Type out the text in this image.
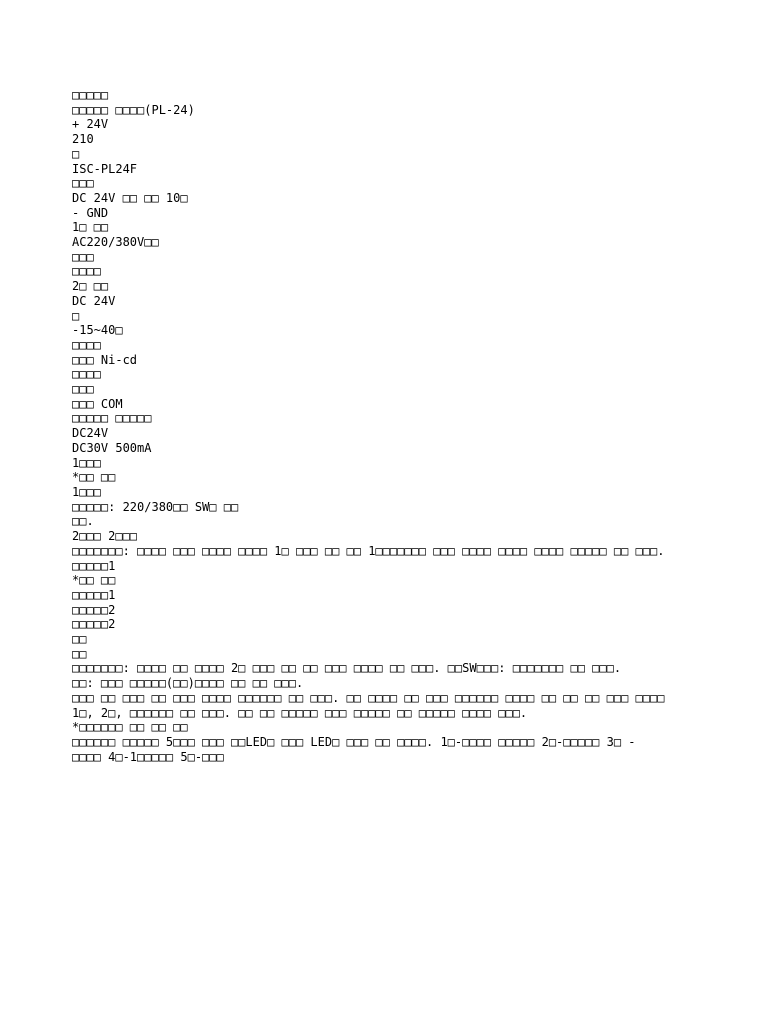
□□□□□
□□□□□ □□□□(PL-24)
+ 24V
210
□
ISC-PL24F
□□□
DC 24V □□ □□ 10□
- GND
1□ □□
AC220/380V□□
□□□
□□□□
2□ □□
DC 24V
□
-15~40□
□□□□
□□□ Ni-cd
□□□□
□□□
□□□ COM
□□□□□ □□□□□
DC24V
DC30V 500mA
1□□□
*□□ □□
1□□□
□□□□□: 220/380□□ SW□ □□
□□.
2□□□ 2□□□
□□□□□□□: □□□□ □□□ □□□□ □□□□ 1□ □□□ □□ □□ 1□□□□□□□ □□□ □□□□ □□□□ □□□□ □□□□□ □□ □□□.
□□□□□1
*□□ □□
□□□□□1
□□□□□2
□□□□□2
□□
□□
□□□□□□□: □□□□ □□ □□□□ 2□ □□□ □□ □□ □□□ □□□□ □□ □□□. □□SW□□□: □□□□□□□ □□ □□□.
□□: □□□ □□□□□(□□)□□□□ □□ □□ □□□.
□□□ □□ □□□ □□ □□□ □□□□ □□□□□□ □□ □□□. □□ □□□□ □□ □□□ □□□□□□ □□□□ □□ □□ □□ □□□ □□□□
1□, 2□, □□□□□□ □□ □□□. □□ □□ □□□□□ □□□ □□□□□ □□ □□□□□ □□□□ □□□.
*□□□□□□ □□ □□ □□
□□□□□□ □□□□□ 5□□□ □□□ □□LED□ □□□ LED□ □□□ □□ □□□□. 1□-□□□□ □□□□□ 2□-□□□□□ 3□ -
□□□□ 4□-1□□□□□ 5□-□□□
